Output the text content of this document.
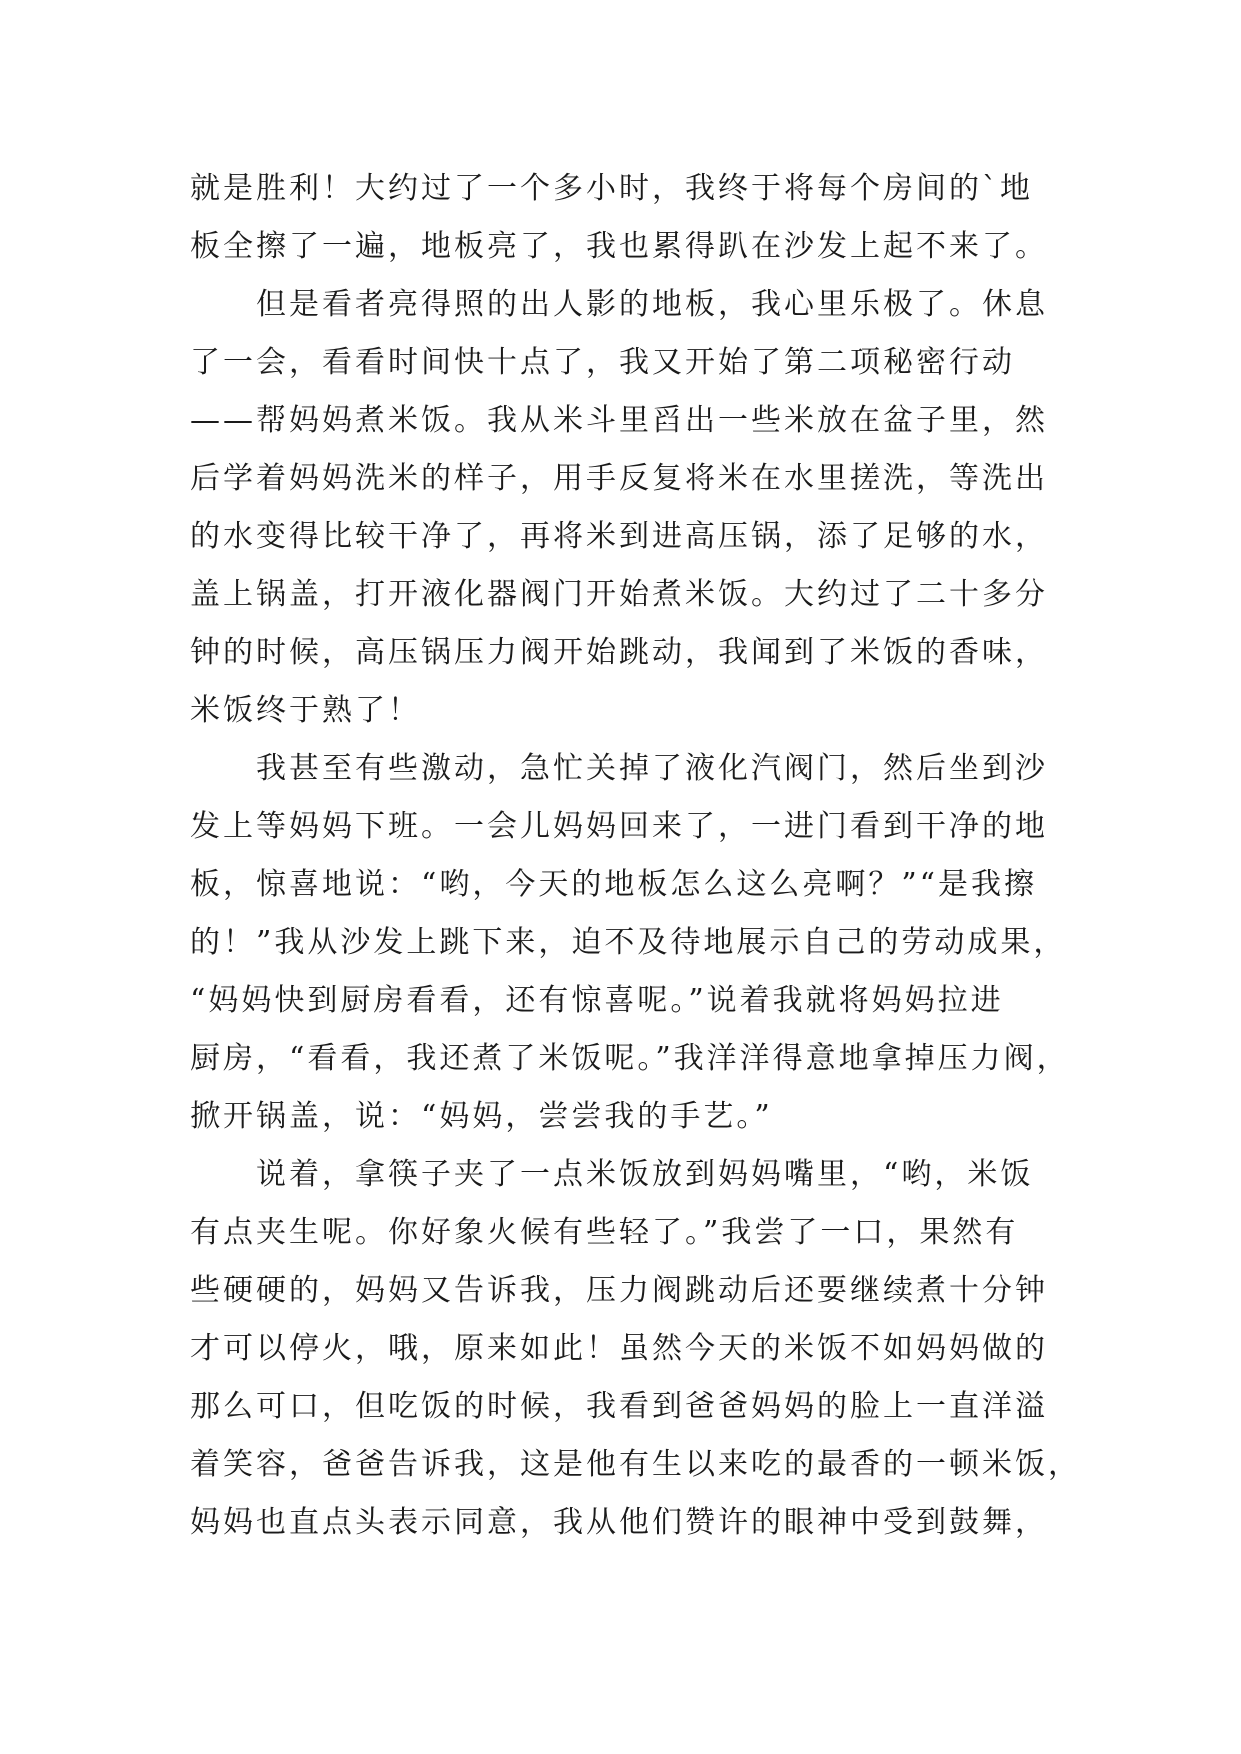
就是胜利！大约过了一个多小时，我终于将每个房间的`地
板全擦了一遍，地板亮了，我也累得趴在沙发上起不来了。
　　但是看者亮得照的出人影的地板，我心里乐极了。休息
了一会，看看时间快十点了，我又开始了第二项秘密行动
——帮妈妈煮米饭。我从米斗里舀出一些米放在盆子里，然
后学着妈妈洗米的样子，用手反复将米在水里搓洗，等洗出
的水变得比较干净了，再将米到进高压锅，添了足够的水，
盖上锅盖，打开液化器阀门开始煮米饭。大约过了二十多分
钟的时候，高压锅压力阀开始跳动，我闻到了米饭的香味，
米饭终于熟了！
　　我甚至有些激动，急忙关掉了液化汽阀门，然后坐到沙
发上等妈妈下班。一会儿妈妈回来了，一进门看到干净的地
板，惊喜地说：“哟，今天的地板怎么这么亮啊？”“是我擦
的！”我从沙发上跳下来，迫不及待地展示自己的劳动成果，
“妈妈快到厨房看看，还有惊喜呢。”说着我就将妈妈拉进
厨房，“看看，我还煮了米饭呢。”我洋洋得意地拿掉压力阀，
掀开锅盖，说：“妈妈，尝尝我的手艺。”
　　说着，拿筷子夹了一点米饭放到妈妈嘴里，“哟，米饭
有点夹生呢。你好象火候有些轻了。”我尝了一口，果然有
些硬硬的，妈妈又告诉我，压力阀跳动后还要继续煮十分钟
才可以停火，哦，原来如此！虽然今天的米饭不如妈妈做的
那么可口，但吃饭的时候，我看到爸爸妈妈的脸上一直洋溢
着笑容，爸爸告诉我，这是他有生以来吃的最香的一顿米饭，
妈妈也直点头表示同意，我从他们赞许的眼神中受到鼓舞，
